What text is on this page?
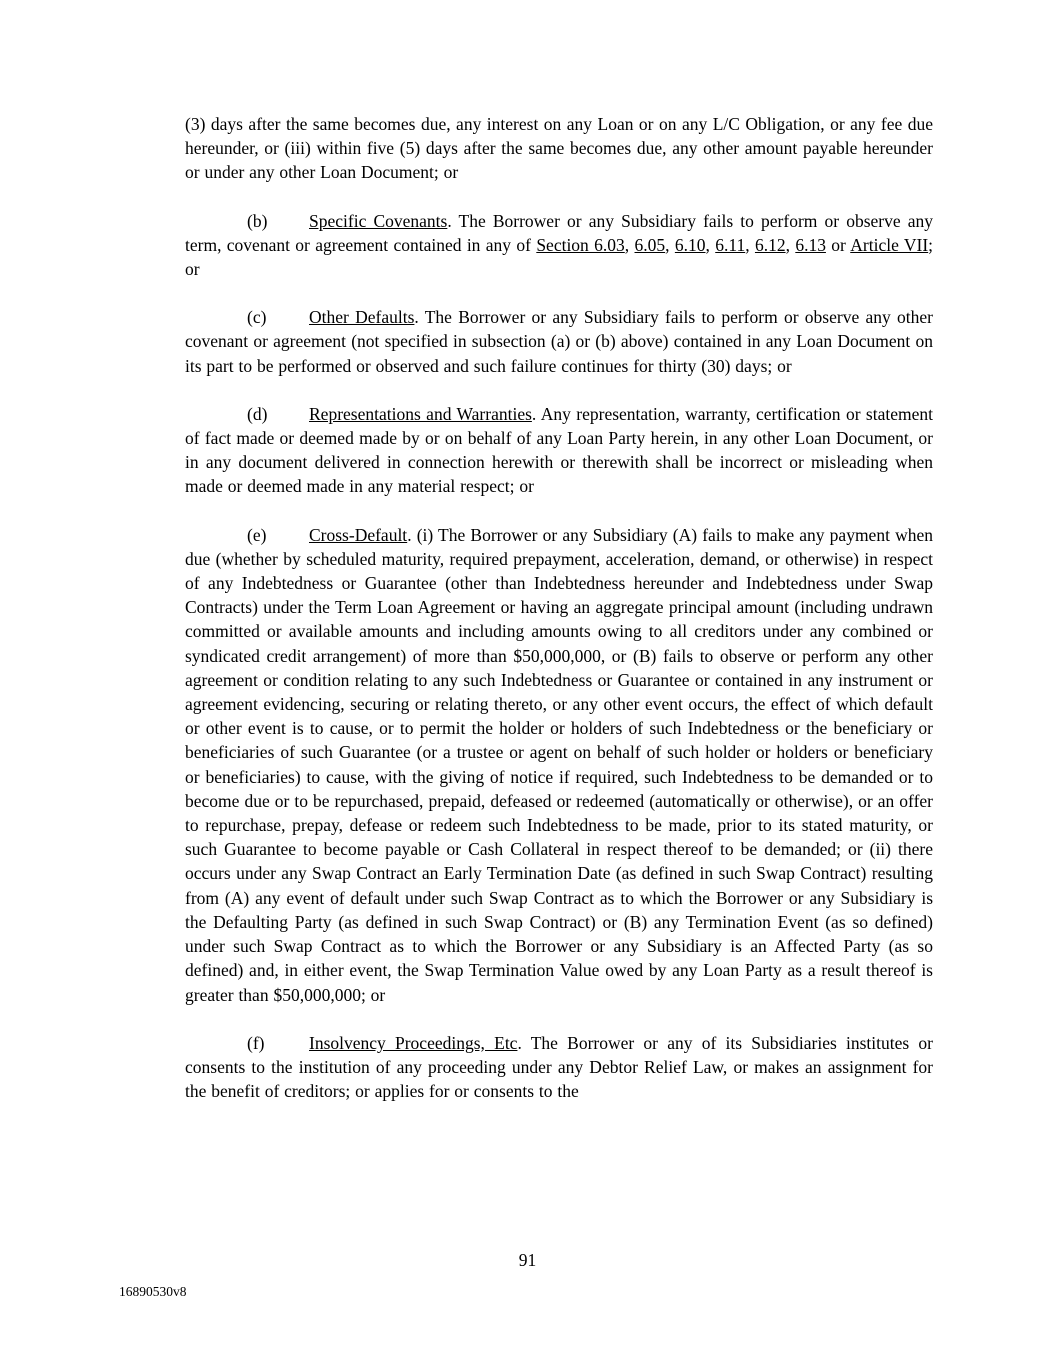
(3) days after the same becomes due, any interest on any Loan or on any L/C Obligation, or any fee due hereunder, or (iii) within five (5) days after the same becomes due, any other amount payable hereunder or under any other Loan Document; or

(b) Specific Covenants. The Borrower or any Subsidiary fails to perform or observe any term, covenant or agreement contained in any of Section 6.03, 6.05, 6.10, 6.11, 6.12, 6.13 or Article VII; or

(c) Other Defaults. The Borrower or any Subsidiary fails to perform or observe any other covenant or agreement (not specified in subsection (a) or (b) above) contained in any Loan Document on its part to be performed or observed and such failure continues for thirty (30) days; or

(d) Representations and Warranties. Any representation, warranty, certification or statement of fact made or deemed made by or on behalf of any Loan Party herein, in any other Loan Document, or in any document delivered in connection herewith or therewith shall be incorrect or misleading when made or deemed made in any material respect; or

(e) Cross-Default. (i) The Borrower or any Subsidiary (A) fails to make any payment when due (whether by scheduled maturity, required prepayment, acceleration, demand, or otherwise) in respect of any Indebtedness or Guarantee (other than Indebtedness hereunder and Indebtedness under Swap Contracts) under the Term Loan Agreement or having an aggregate principal amount (including undrawn committed or available amounts and including amounts owing to all creditors under any combined or syndicated credit arrangement) of more than $50,000,000, or (B) fails to observe or perform any other agreement or condition relating to any such Indebtedness or Guarantee or contained in any instrument or agreement evidencing, securing or relating thereto, or any other event occurs, the effect of which default or other event is to cause, or to permit the holder or holders of such Indebtedness or the beneficiary or beneficiaries of such Guarantee (or a trustee or agent on behalf of such holder or holders or beneficiary or beneficiaries) to cause, with the giving of notice if required, such Indebtedness to be demanded or to become due or to be repurchased, prepaid, defeased or redeemed (automatically or otherwise), or an offer to repurchase, prepay, defease or redeem such Indebtedness to be made, prior to its stated maturity, or such Guarantee to become payable or Cash Collateral in respect thereof to be demanded; or (ii) there occurs under any Swap Contract an Early Termination Date (as defined in such Swap Contract) resulting from (A) any event of default under such Swap Contract as to which the Borrower or any Subsidiary is the Defaulting Party (as defined in such Swap Contract) or (B) any Termination Event (as so defined) under such Swap Contract as to which the Borrower or any Subsidiary is an Affected Party (as so defined) and, in either event, the Swap Termination Value owed by any Loan Party as a result thereof is greater than $50,000,000; or

(f)	Insolvency Proceedings, Etc. The Borrower or any of its Subsidiaries institutes or consents to the institution of any proceeding under any Debtor Relief Law, or makes an assignment for the benefit of creditors; or applies for or consents to the

91
16890530v8
